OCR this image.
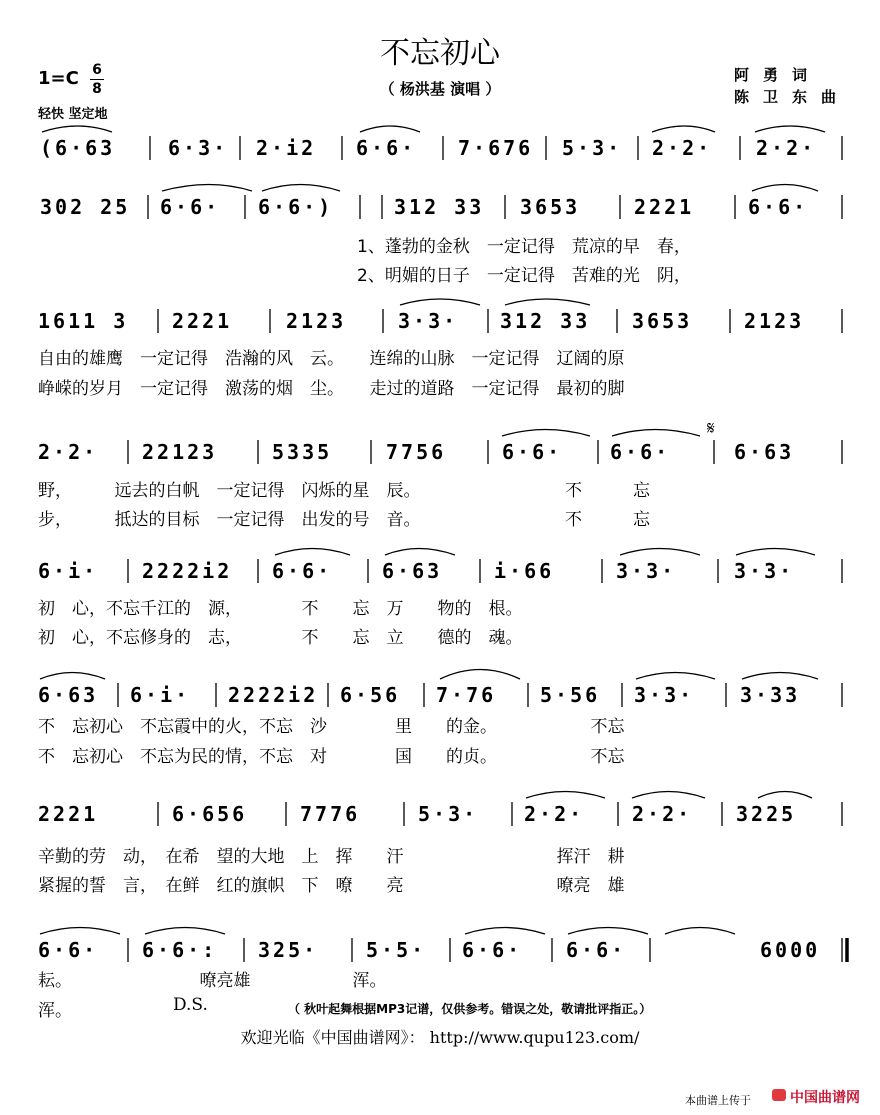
不忘初心
（ 杨洪基 演唱 ）
1=C 6
8
轻快 坚定地
阿勇词
陈卫东曲
(6·63	6·3· 2·i2 6·6· 7·676 5·3· 2·2· 2·2·
302 25 6·6· 6·6·)	312 33 3653	2221	6·6·
1、蓬勃的金秋　一定记得　荒凉的早　春，
2、明媚的日子　一定记得　苦难的光　阴，
1611 3 2221	2123	3·3· 312 33 3653	2123
自由的雄鹰　一定记得　浩瀚的风　云。　　连绵的山脉　一定记得　辽阔的原
峥嵘的岁月　一定记得　激荡的烟　尘。　　走过的道路　一定记得　最初的脚
2·2· 22123	5335	7756	6·6· 6·6·	6·63
𝄋
野，　　　远去的白帆　一定记得　闪烁的星　辰。　　　　　　　　　不　　　忘
步，　　　抵达的目标　一定记得　出发的号　音。　　　　　　　　　不　　　忘
6·i· 2222i2 6·6· 6·63	i·66	3·3·	3·3·
初　心，不忘千江的　源，　　　　不　　忘　万　　物的　根。
初　心，不忘修身的　志，　　　　不　　忘　立　　德的　魂。
6·63 6·i· 2222i2 6·56 7·76 5·56 3·3· 3·33
不　忘初心　不忘霞中的火，不忘　沙　　　　里　　的金。　　　　　　不忘
不　忘初心　不忘为民的情，不忘　对　　　　国　　的贞。　　　　　　不忘
2221	6·656	7776	5·3· 2·2· 2·2· 3225
辛勤的劳　动，　在希　望的大地　上　挥　　汗　　　　　　　　　挥汗　耕
紧握的誓　言，　在鲜　红的旗帜　下　嘹　　亮　　　　　　　　　嘹亮　雄
6·6· 6·6·: 325· 5·5· 6·6· 6·6·	6000
耘。　　　　　　　　嘹亮雄　　　　　　浑。
浑。	D.S.	（ 秋叶起舞根据MP3记谱，仅供参考。错误之处，敬请批评指正。）
欢迎光临《中国曲谱网》： http://www.qupu123.com/
本曲谱上传于	中国曲谱网
